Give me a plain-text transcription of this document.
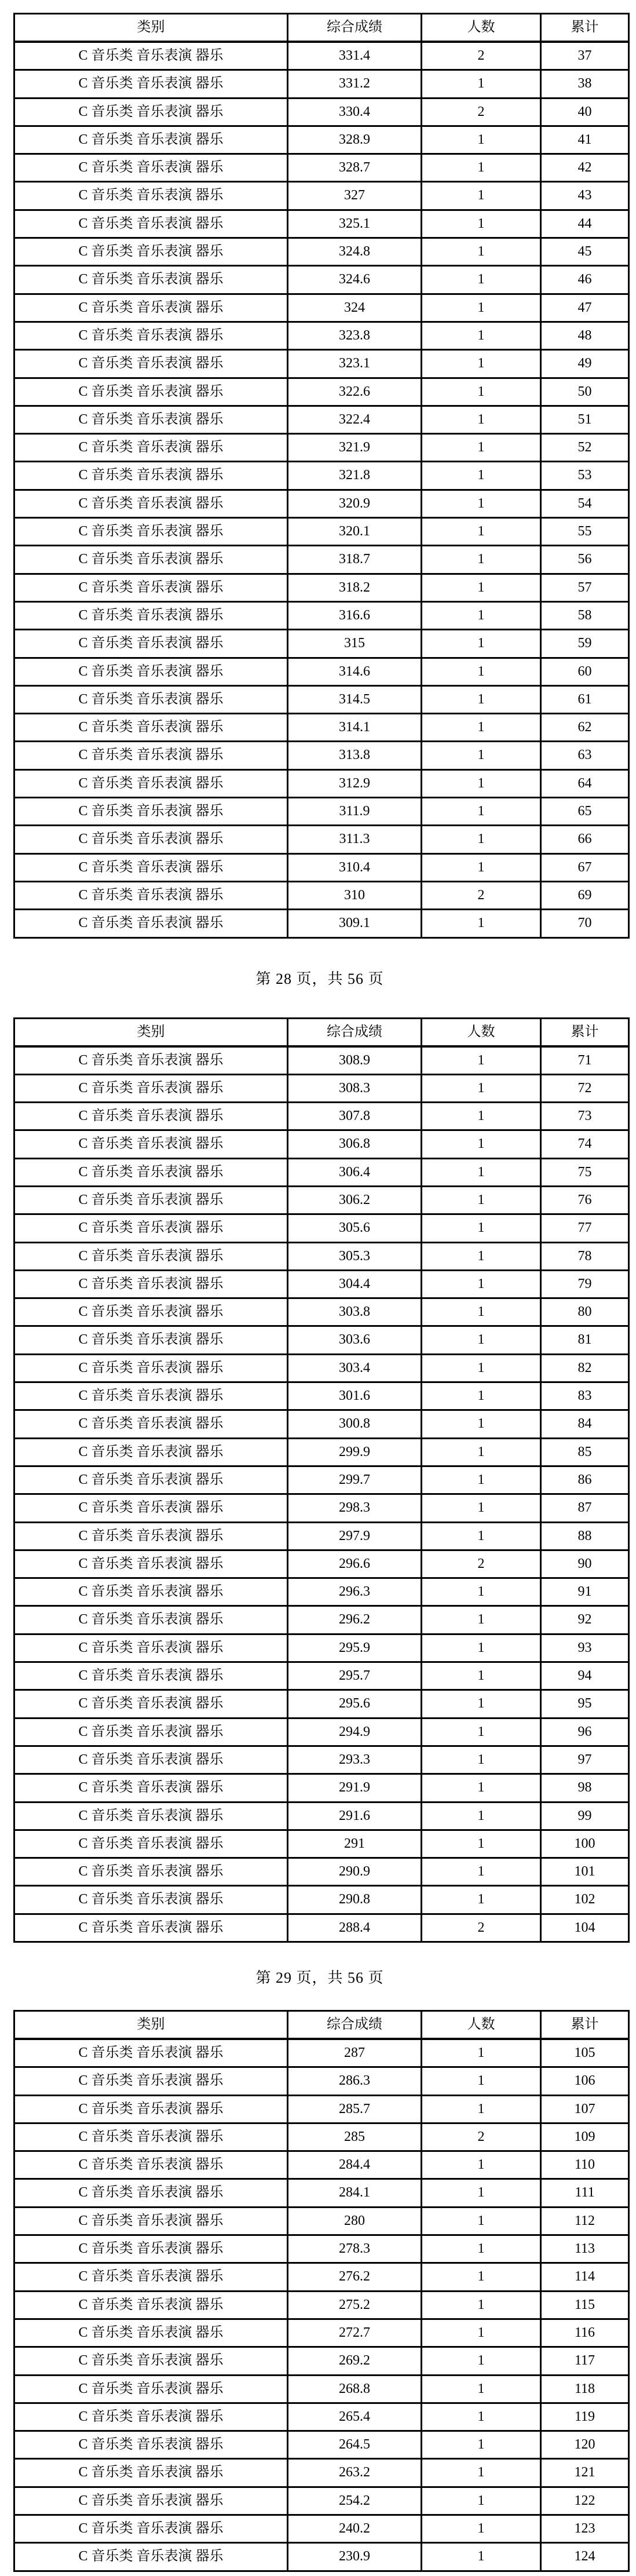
类别	综合成绩	人数	累计
C 音乐类 音乐表演 器乐	331.4	2	37
C 音乐类 音乐表演 器乐	331.2	1	38
C 音乐类 音乐表演 器乐	330.4	2	40
C 音乐类 音乐表演 器乐	328.9	1	41
C 音乐类 音乐表演 器乐	328.7	1	42
C 音乐类 音乐表演 器乐	327	1	43
C 音乐类 音乐表演 器乐	325.1	1	44
C 音乐类 音乐表演 器乐	324.8	1	45
C 音乐类 音乐表演 器乐	324.6	1	46
C 音乐类 音乐表演 器乐	324	1	47
C 音乐类 音乐表演 器乐	323.8	1	48
C 音乐类 音乐表演 器乐	323.1	1	49
C 音乐类 音乐表演 器乐	322.6	1	50
C 音乐类 音乐表演 器乐	322.4	1	51
C 音乐类 音乐表演 器乐	321.9	1	52
C 音乐类 音乐表演 器乐	321.8	1	53
C 音乐类 音乐表演 器乐	320.9	1	54
C 音乐类 音乐表演 器乐	320.1	1	55
C 音乐类 音乐表演 器乐	318.7	1	56
C 音乐类 音乐表演 器乐	318.2	1	57
C 音乐类 音乐表演 器乐	316.6	1	58
C 音乐类 音乐表演 器乐	315	1	59
C 音乐类 音乐表演 器乐	314.6	1	60
C 音乐类 音乐表演 器乐	314.5	1	61
C 音乐类 音乐表演 器乐	314.1	1	62
C 音乐类 音乐表演 器乐	313.8	1	63
C 音乐类 音乐表演 器乐	312.9	1	64
C 音乐类 音乐表演 器乐	311.9	1	65
C 音乐类 音乐表演 器乐	311.3	1	66
C 音乐类 音乐表演 器乐	310.4	1	67
C 音乐类 音乐表演 器乐	310	2	69
C 音乐类 音乐表演 器乐	309.1	1	70
第 28 页，共 56 页
类别	综合成绩	人数	累计
C 音乐类 音乐表演 器乐	308.9	1	71
C 音乐类 音乐表演 器乐	308.3	1	72
C 音乐类 音乐表演 器乐	307.8	1	73
C 音乐类 音乐表演 器乐	306.8	1	74
C 音乐类 音乐表演 器乐	306.4	1	75
C 音乐类 音乐表演 器乐	306.2	1	76
C 音乐类 音乐表演 器乐	305.6	1	77
C 音乐类 音乐表演 器乐	305.3	1	78
C 音乐类 音乐表演 器乐	304.4	1	79
C 音乐类 音乐表演 器乐	303.8	1	80
C 音乐类 音乐表演 器乐	303.6	1	81
C 音乐类 音乐表演 器乐	303.4	1	82
C 音乐类 音乐表演 器乐	301.6	1	83
C 音乐类 音乐表演 器乐	300.8	1	84
C 音乐类 音乐表演 器乐	299.9	1	85
C 音乐类 音乐表演 器乐	299.7	1	86
C 音乐类 音乐表演 器乐	298.3	1	87
C 音乐类 音乐表演 器乐	297.9	1	88
C 音乐类 音乐表演 器乐	296.6	2	90
C 音乐类 音乐表演 器乐	296.3	1	91
C 音乐类 音乐表演 器乐	296.2	1	92
C 音乐类 音乐表演 器乐	295.9	1	93
C 音乐类 音乐表演 器乐	295.7	1	94
C 音乐类 音乐表演 器乐	295.6	1	95
C 音乐类 音乐表演 器乐	294.9	1	96
C 音乐类 音乐表演 器乐	293.3	1	97
C 音乐类 音乐表演 器乐	291.9	1	98
C 音乐类 音乐表演 器乐	291.6	1	99
C 音乐类 音乐表演 器乐	291	1	100
C 音乐类 音乐表演 器乐	290.9	1	101
C 音乐类 音乐表演 器乐	290.8	1	102
C 音乐类 音乐表演 器乐	288.4	2	104
第 29 页，共 56 页
类别	综合成绩	人数	累计
C 音乐类 音乐表演 器乐	287	1	105
C 音乐类 音乐表演 器乐	286.3	1	106
C 音乐类 音乐表演 器乐	285.7	1	107
C 音乐类 音乐表演 器乐	285	2	109
C 音乐类 音乐表演 器乐	284.4	1	110
C 音乐类 音乐表演 器乐	284.1	1	111
C 音乐类 音乐表演 器乐	280	1	112
C 音乐类 音乐表演 器乐	278.3	1	113
C 音乐类 音乐表演 器乐	276.2	1	114
C 音乐类 音乐表演 器乐	275.2	1	115
C 音乐类 音乐表演 器乐	272.7	1	116
C 音乐类 音乐表演 器乐	269.2	1	117
C 音乐类 音乐表演 器乐	268.8	1	118
C 音乐类 音乐表演 器乐	265.4	1	119
C 音乐类 音乐表演 器乐	264.5	1	120
C 音乐类 音乐表演 器乐	263.2	1	121
C 音乐类 音乐表演 器乐	254.2	1	122
C 音乐类 音乐表演 器乐	240.2	1	123
C 音乐类 音乐表演 器乐	230.9	1	124
